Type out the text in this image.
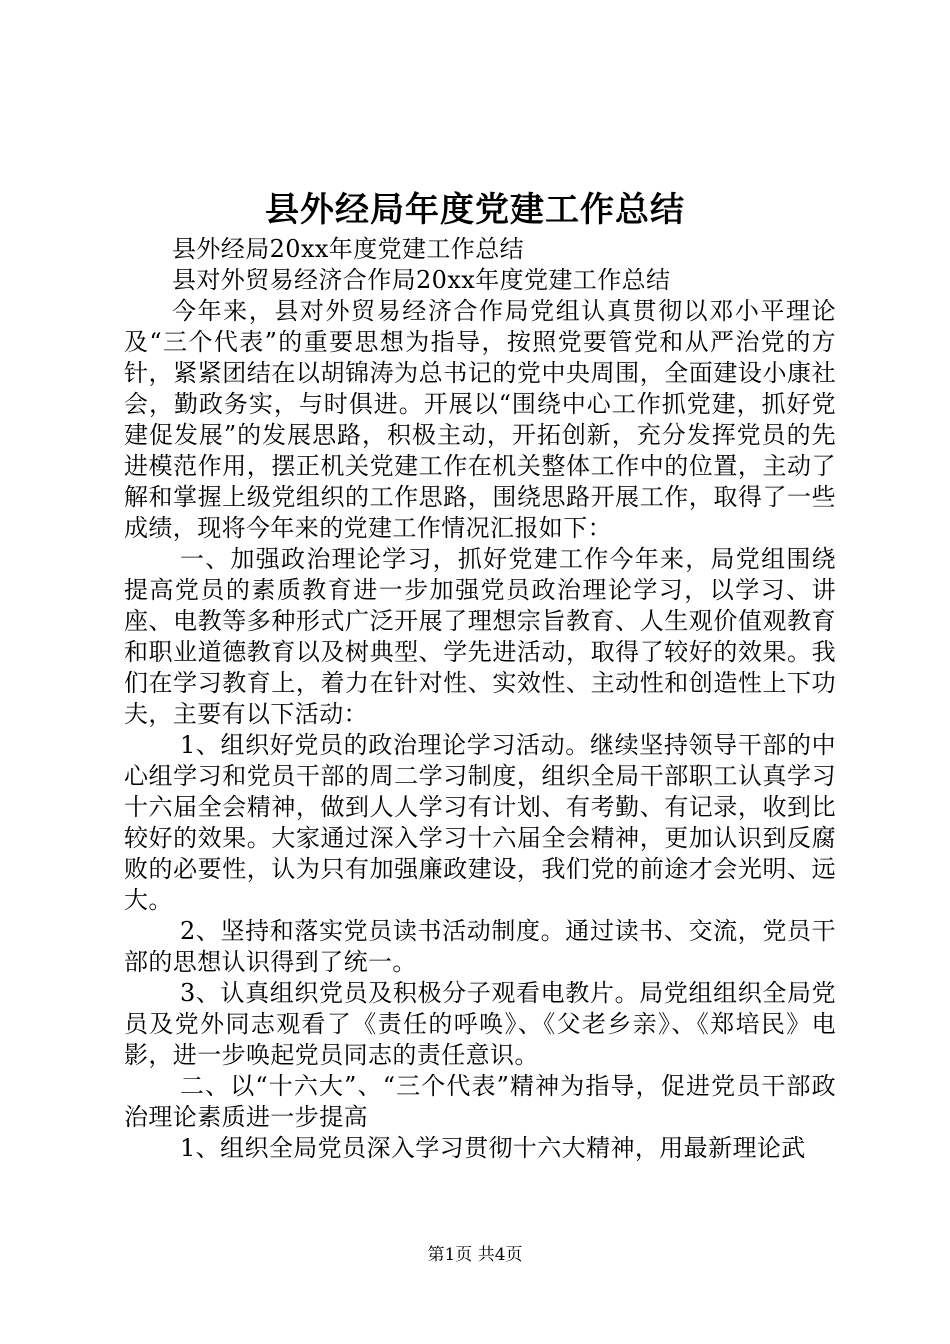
县外经局年度党建工作总结

县外经局20xx年度党建工作总结

县对外贸易经济合作局20xx年度党建工作总结

今年来，县对外贸易经济合作局党组认真贯彻以邓小平理论及“三个代表”的重要思想为指导，按照党要管党和从严治党的方针，紧紧团结在以胡锦涛为总书记的党中央周围，全面建设小康社会，勤政务实，与时俱进。开展以“围绕中心工作抓党建，抓好党建促发展”的发展思路，积极主动，开拓创新，充分发挥党员的先进模范作用，摆正机关党建工作在机关整体工作中的位置，主动了解和掌握上级党组织的工作思路，围绕思路开展工作，取得了一些成绩，现将今年来的党建工作情况汇报如下：

一、加强政治理论学习，抓好党建工作今年来，局党组围绕提高党员的素质教育进一步加强党员政治理论学习，以学习、讲座、电教等多种形式广泛开展了理想宗旨教育、人生观价值观教育和职业道德教育以及树典型、学先进活动，取得了较好的效果。我们在学习教育上，着力在针对性、实效性、主动性和创造性上下功夫，主要有以下活动：

1、组织好党员的政治理论学习活动。继续坚持领导干部的中心组学习和党员干部的周二学习制度，组织全局干部职工认真学习十六届全会精神，做到人人学习有计划、有考勤、有记录，收到比较好的效果。大家通过深入学习十六届全会精神，更加认识到反腐败的必要性，认为只有加强廉政建设，我们党的前途才会光明、远大。

2、坚持和落实党员读书活动制度。通过读书、交流，党员干部的思想认识得到了统一。

3、认真组织党员及积极分子观看电教片。局党组组织全局党员及党外同志观看了《责任的呼唤》、《父老乡亲》、《郑培民》电影，进一步唤起党员同志的责任意识。

二、以“十六大”、“三个代表”精神为指导，促进党员干部政治理论素质进一步提高

1、组织全局党员深入学习贯彻十六大精神，用最新理论武

第1页 共4页
